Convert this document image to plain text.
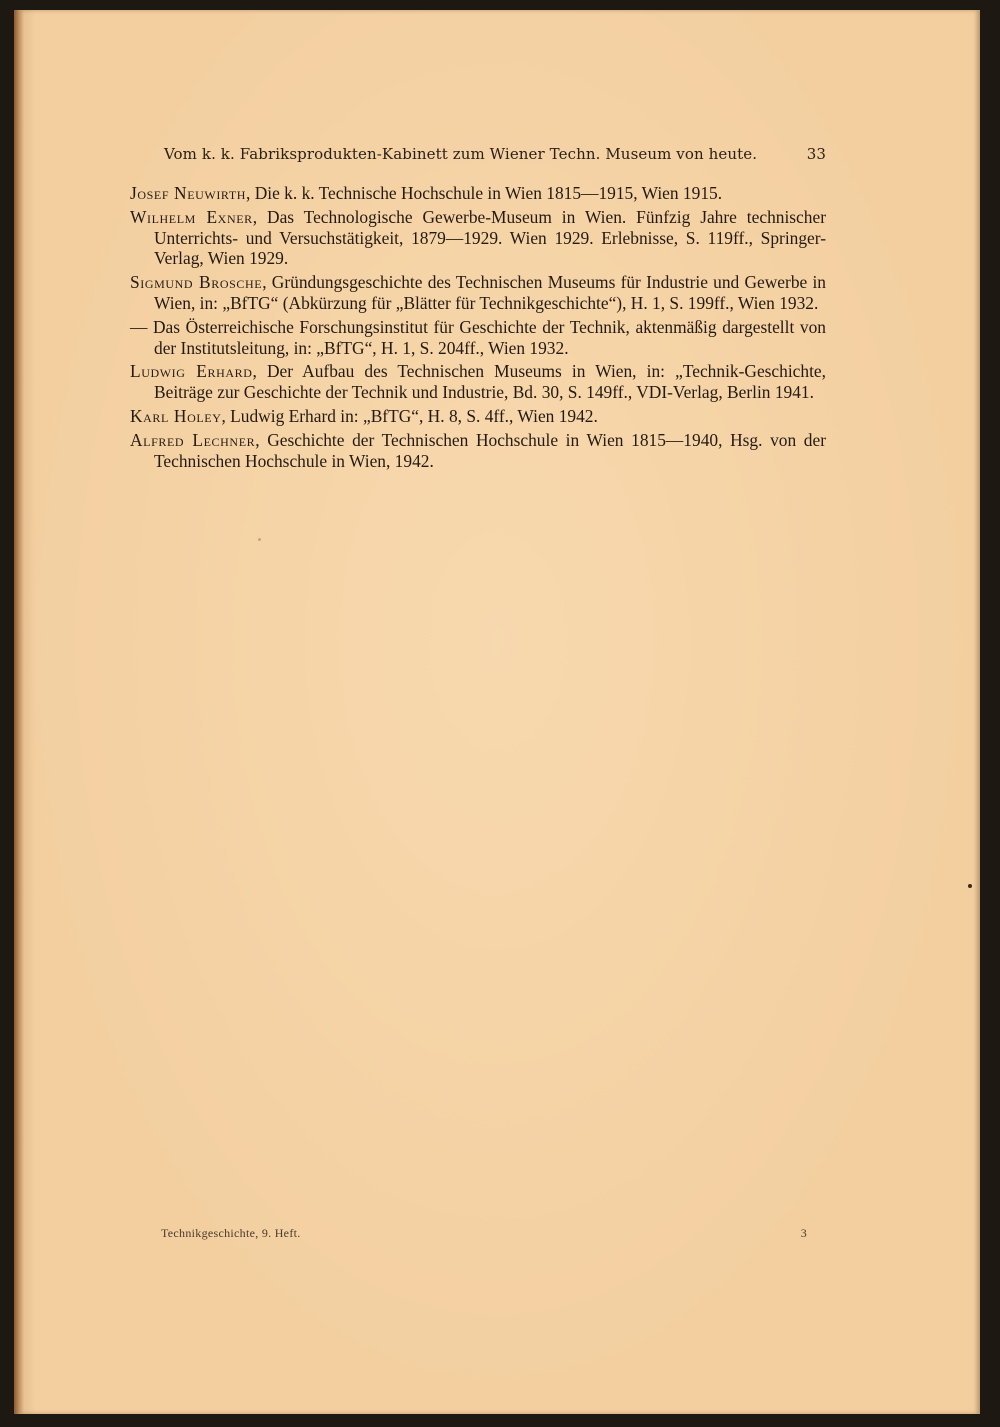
Vom k. k. Fabriksprodukten-Kabinett zum Wiener Techn. Museum von heute.	33

Josef Neuwirth, Die k. k. Technische Hochschule in Wien 1815—1915, Wien 1915.

Wilhelm Exner, Das Technologische Gewerbe-Museum in Wien. Fünfzig Jahre technischer Unterrichts- und Versuchstätigkeit, 1879—1929. Wien 1929. Erlebnisse, S. 119ff., Springer-Verlag, Wien 1929.

Sigmund Brosche, Gründungsgeschichte des Technischen Museums für Industrie und Gewerbe in Wien, in: „BfTG“ (Abkürzung für „Blätter für Technikgeschichte“), H. 1, S. 199ff., Wien 1932.

— Das Österreichische Forschungsinstitut für Geschichte der Technik, aktenmäßig dargestellt von der Institutsleitung, in: „BfTG“, H. 1, S. 204ff., Wien 1932.

Ludwig Erhard, Der Aufbau des Technischen Museums in Wien, in: „Technik-Geschichte, Beiträge zur Geschichte der Technik und Industrie, Bd. 30, S. 149ff., VDI-Verlag, Berlin 1941.

Karl Holey, Ludwig Erhard in: „BfTG“, H. 8, S. 4ff., Wien 1942.

Alfred Lechner, Geschichte der Technischen Hochschule in Wien 1815—1940, Hsg. von der Technischen Hochschule in Wien, 1942.

Technikgeschichte, 9. Heft.	3
